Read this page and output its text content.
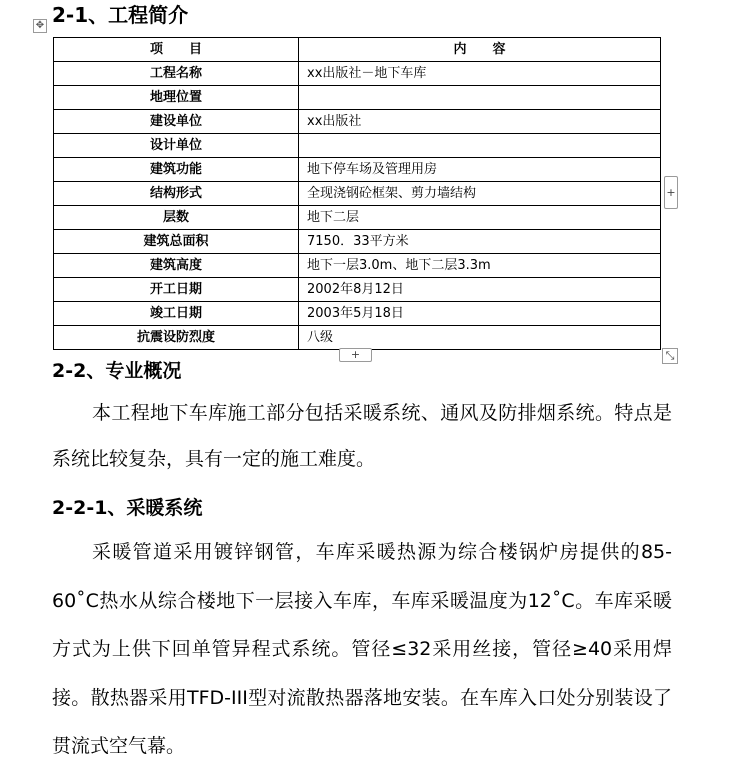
✥ 2-1、工程简介
项　　目	内　　容
工程名称	xx出版社－地下车库
地理位置	
建设单位	xx出版社
设计单位	
建筑功能	地下停车场及管理用房
结构形式	全现浇钢砼框架、剪力墙结构
层数	地下二层
建筑总面积	7150．33平方米
建筑高度	地下一层3.0m、地下二层3.3m
开工日期	2002年8月12日
竣工日期	2003年5月18日
抗震设防烈度	八级
+
+	⤡
2-2、专业概况
本工程地下车库施工部分包括采暖系统、通风及防排烟系统。特点是系统比较复杂，具有一定的施工难度。
2-2-1、采暖系统
采暖管道采用镀锌钢管，车库采暖热源为综合楼锅炉房提供的85-60˚C热水从综合楼地下一层接入车库，车库采暖温度为12˚C。车库采暖方式为上供下回单管异程式系统。管径≤32采用丝接，管径≥40采用焊接。散热器采用TFD-III型对流散热器落地安装。在车库入口处分别装设了贯流式空气幕。
